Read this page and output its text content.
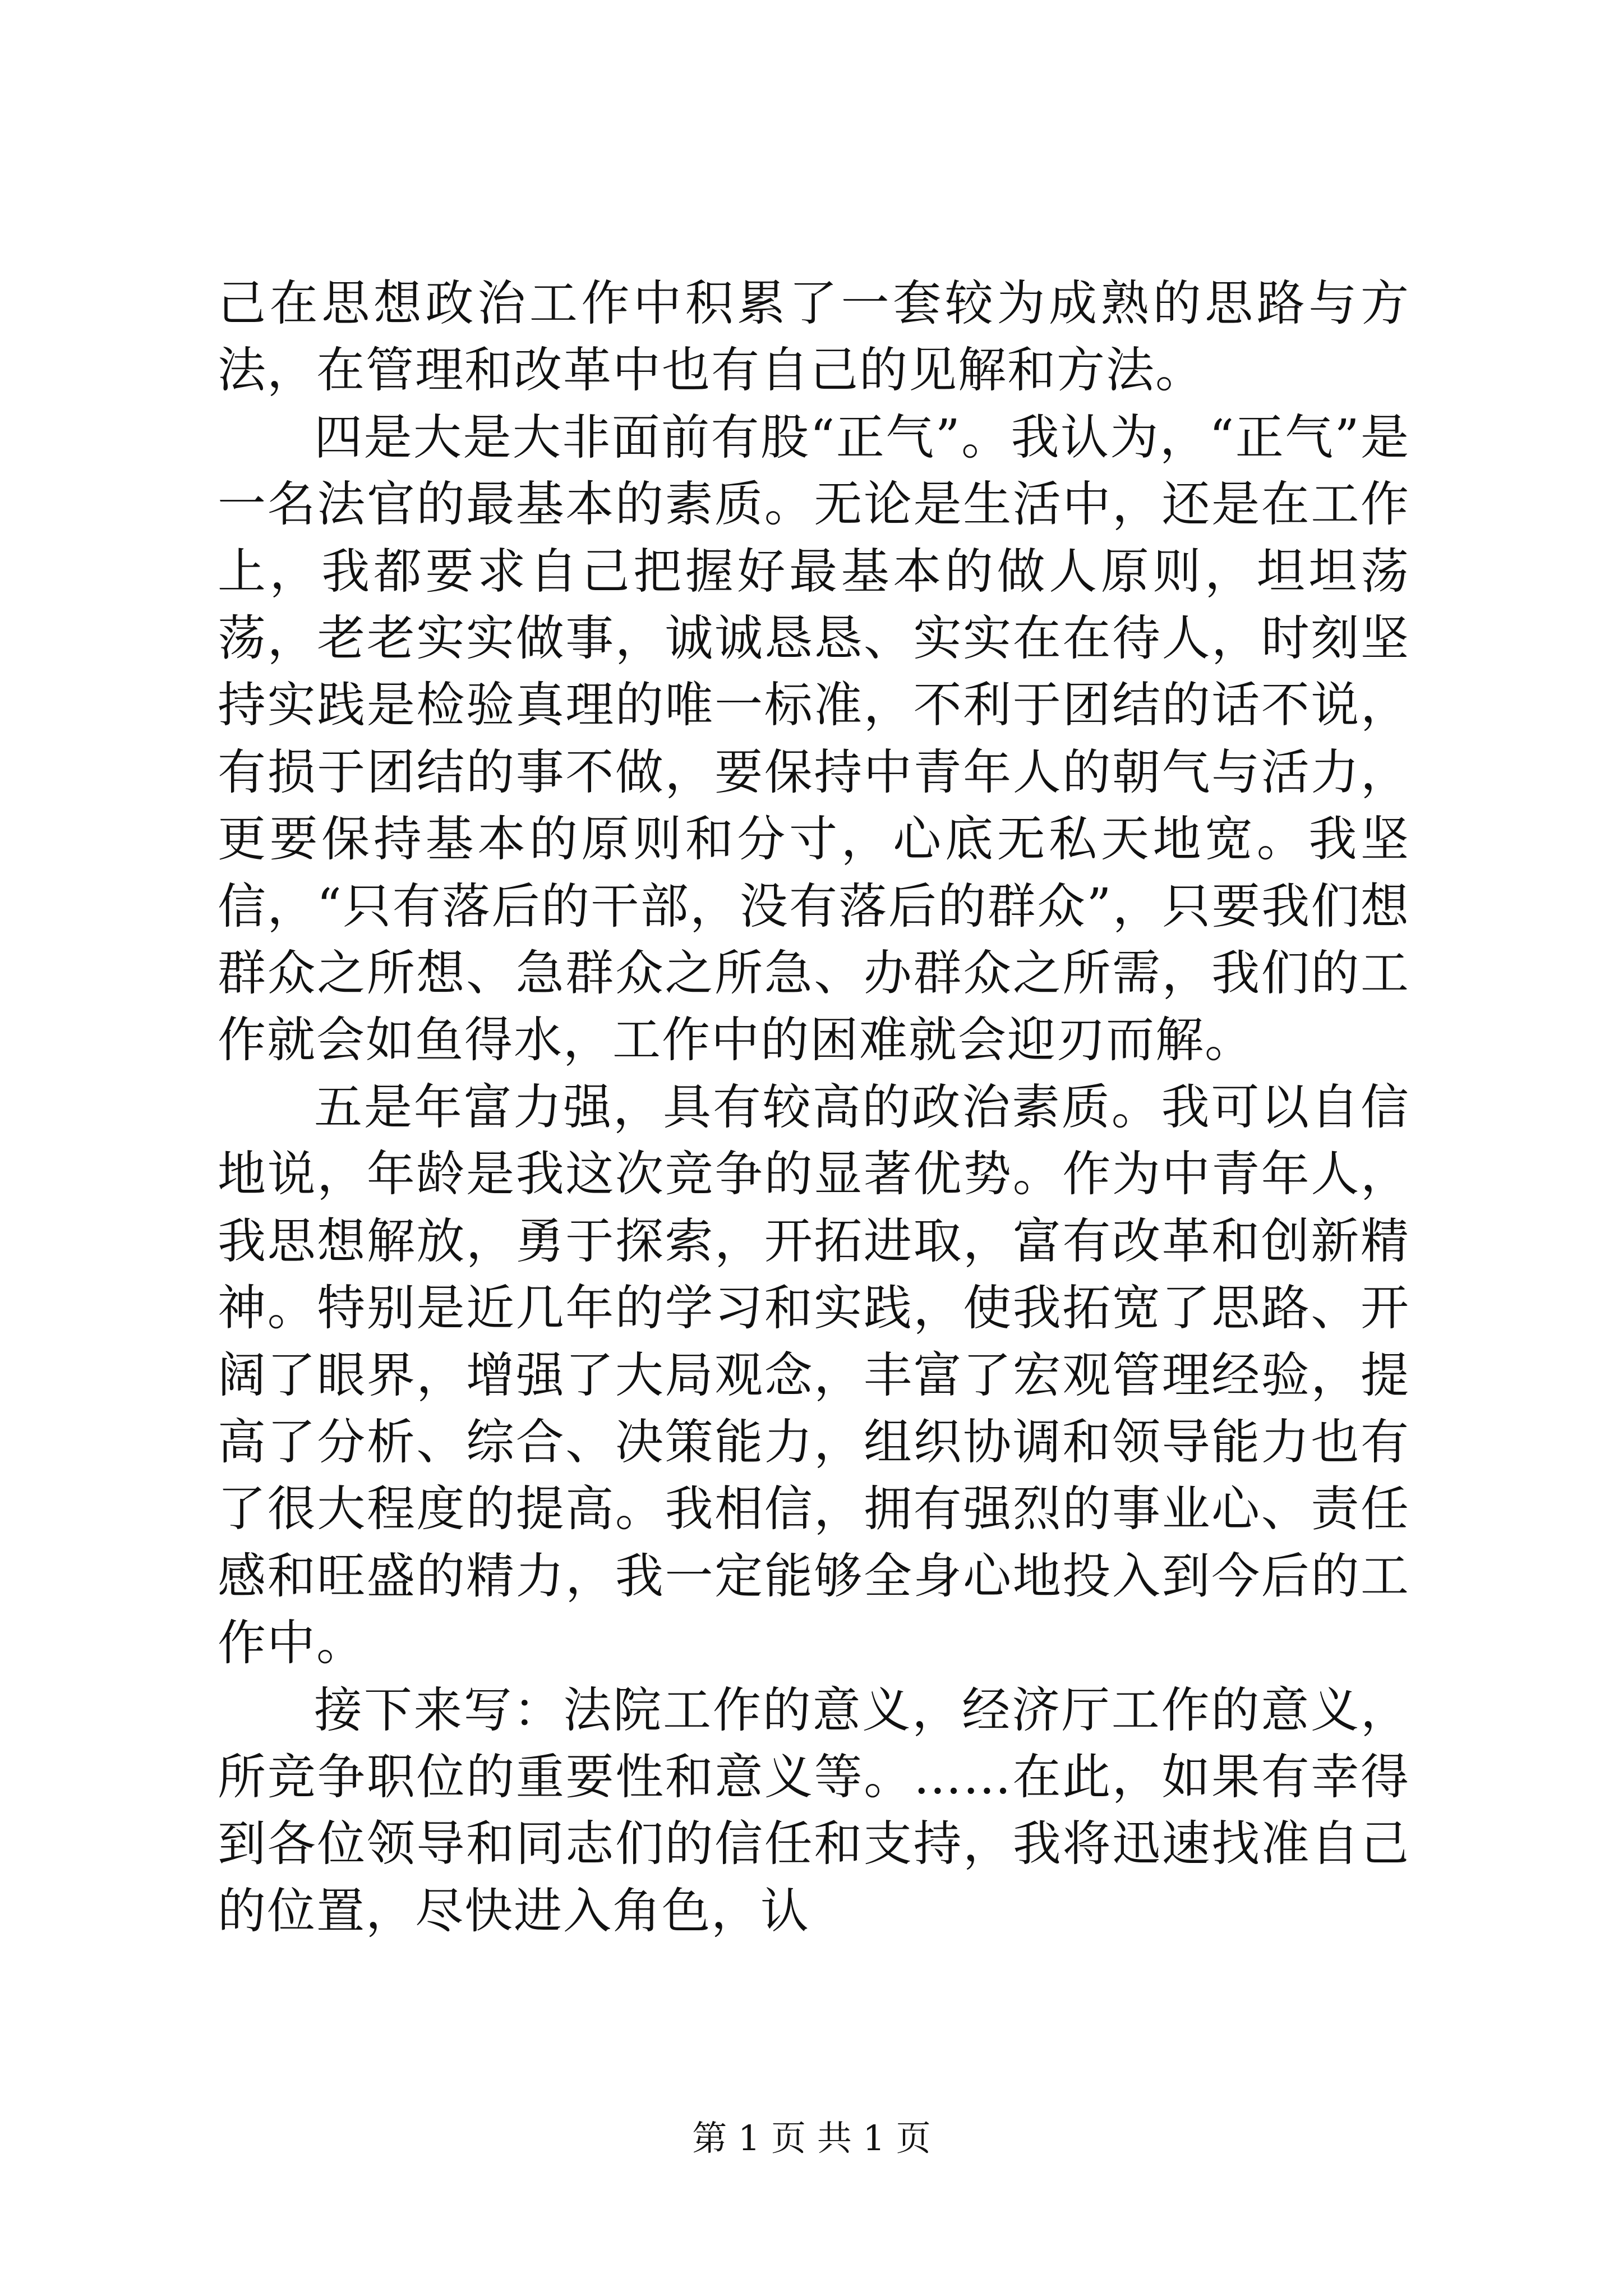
己在思想政治工作中积累了一套较为成熟的思路与方法，在管理和改革中也有自己的见解和方法。

四是大是大非面前有股“正气”。我认为，“正气”是一名法官的最基本的素质。无论是生活中，还是在工作上，我都要求自己把握好最基本的做人原则，坦坦荡荡，老老实实做事，诚诚恳恳、实实在在待人，时刻坚持实践是检验真理的唯一标准，不利于团结的话不说，有损于团结的事不做，要保持中青年人的朝气与活力，更要保持基本的原则和分寸，心底无私天地宽。我坚信，“只有落后的干部，没有落后的群众”，只要我们想群众之所想、急群众之所急、办群众之所需，我们的工作就会如鱼得水，工作中的困难就会迎刃而解。

五是年富力强，具有较高的政治素质。我可以自信地说，年龄是我这次竞争的显著优势。作为中青年人，我思想解放，勇于探索，开拓进取，富有改革和创新精神。特别是近几年的学习和实践，使我拓宽了思路、开阔了眼界，增强了大局观念，丰富了宏观管理经验，提高了分析、综合、决策能力，组织协调和领导能力也有了很大程度的提高。我相信，拥有强烈的事业心、责任感和旺盛的精力，我一定能够全身心地投入到今后的工作中。

接下来写：法院工作的意义，经济厅工作的意义，所竞争职位的重要性和意义等。……在此，如果有幸得到各位领导和同志们的信任和支持，我将迅速找准自己的位置，尽快进入角色，认

第 1 页 共 1 页
